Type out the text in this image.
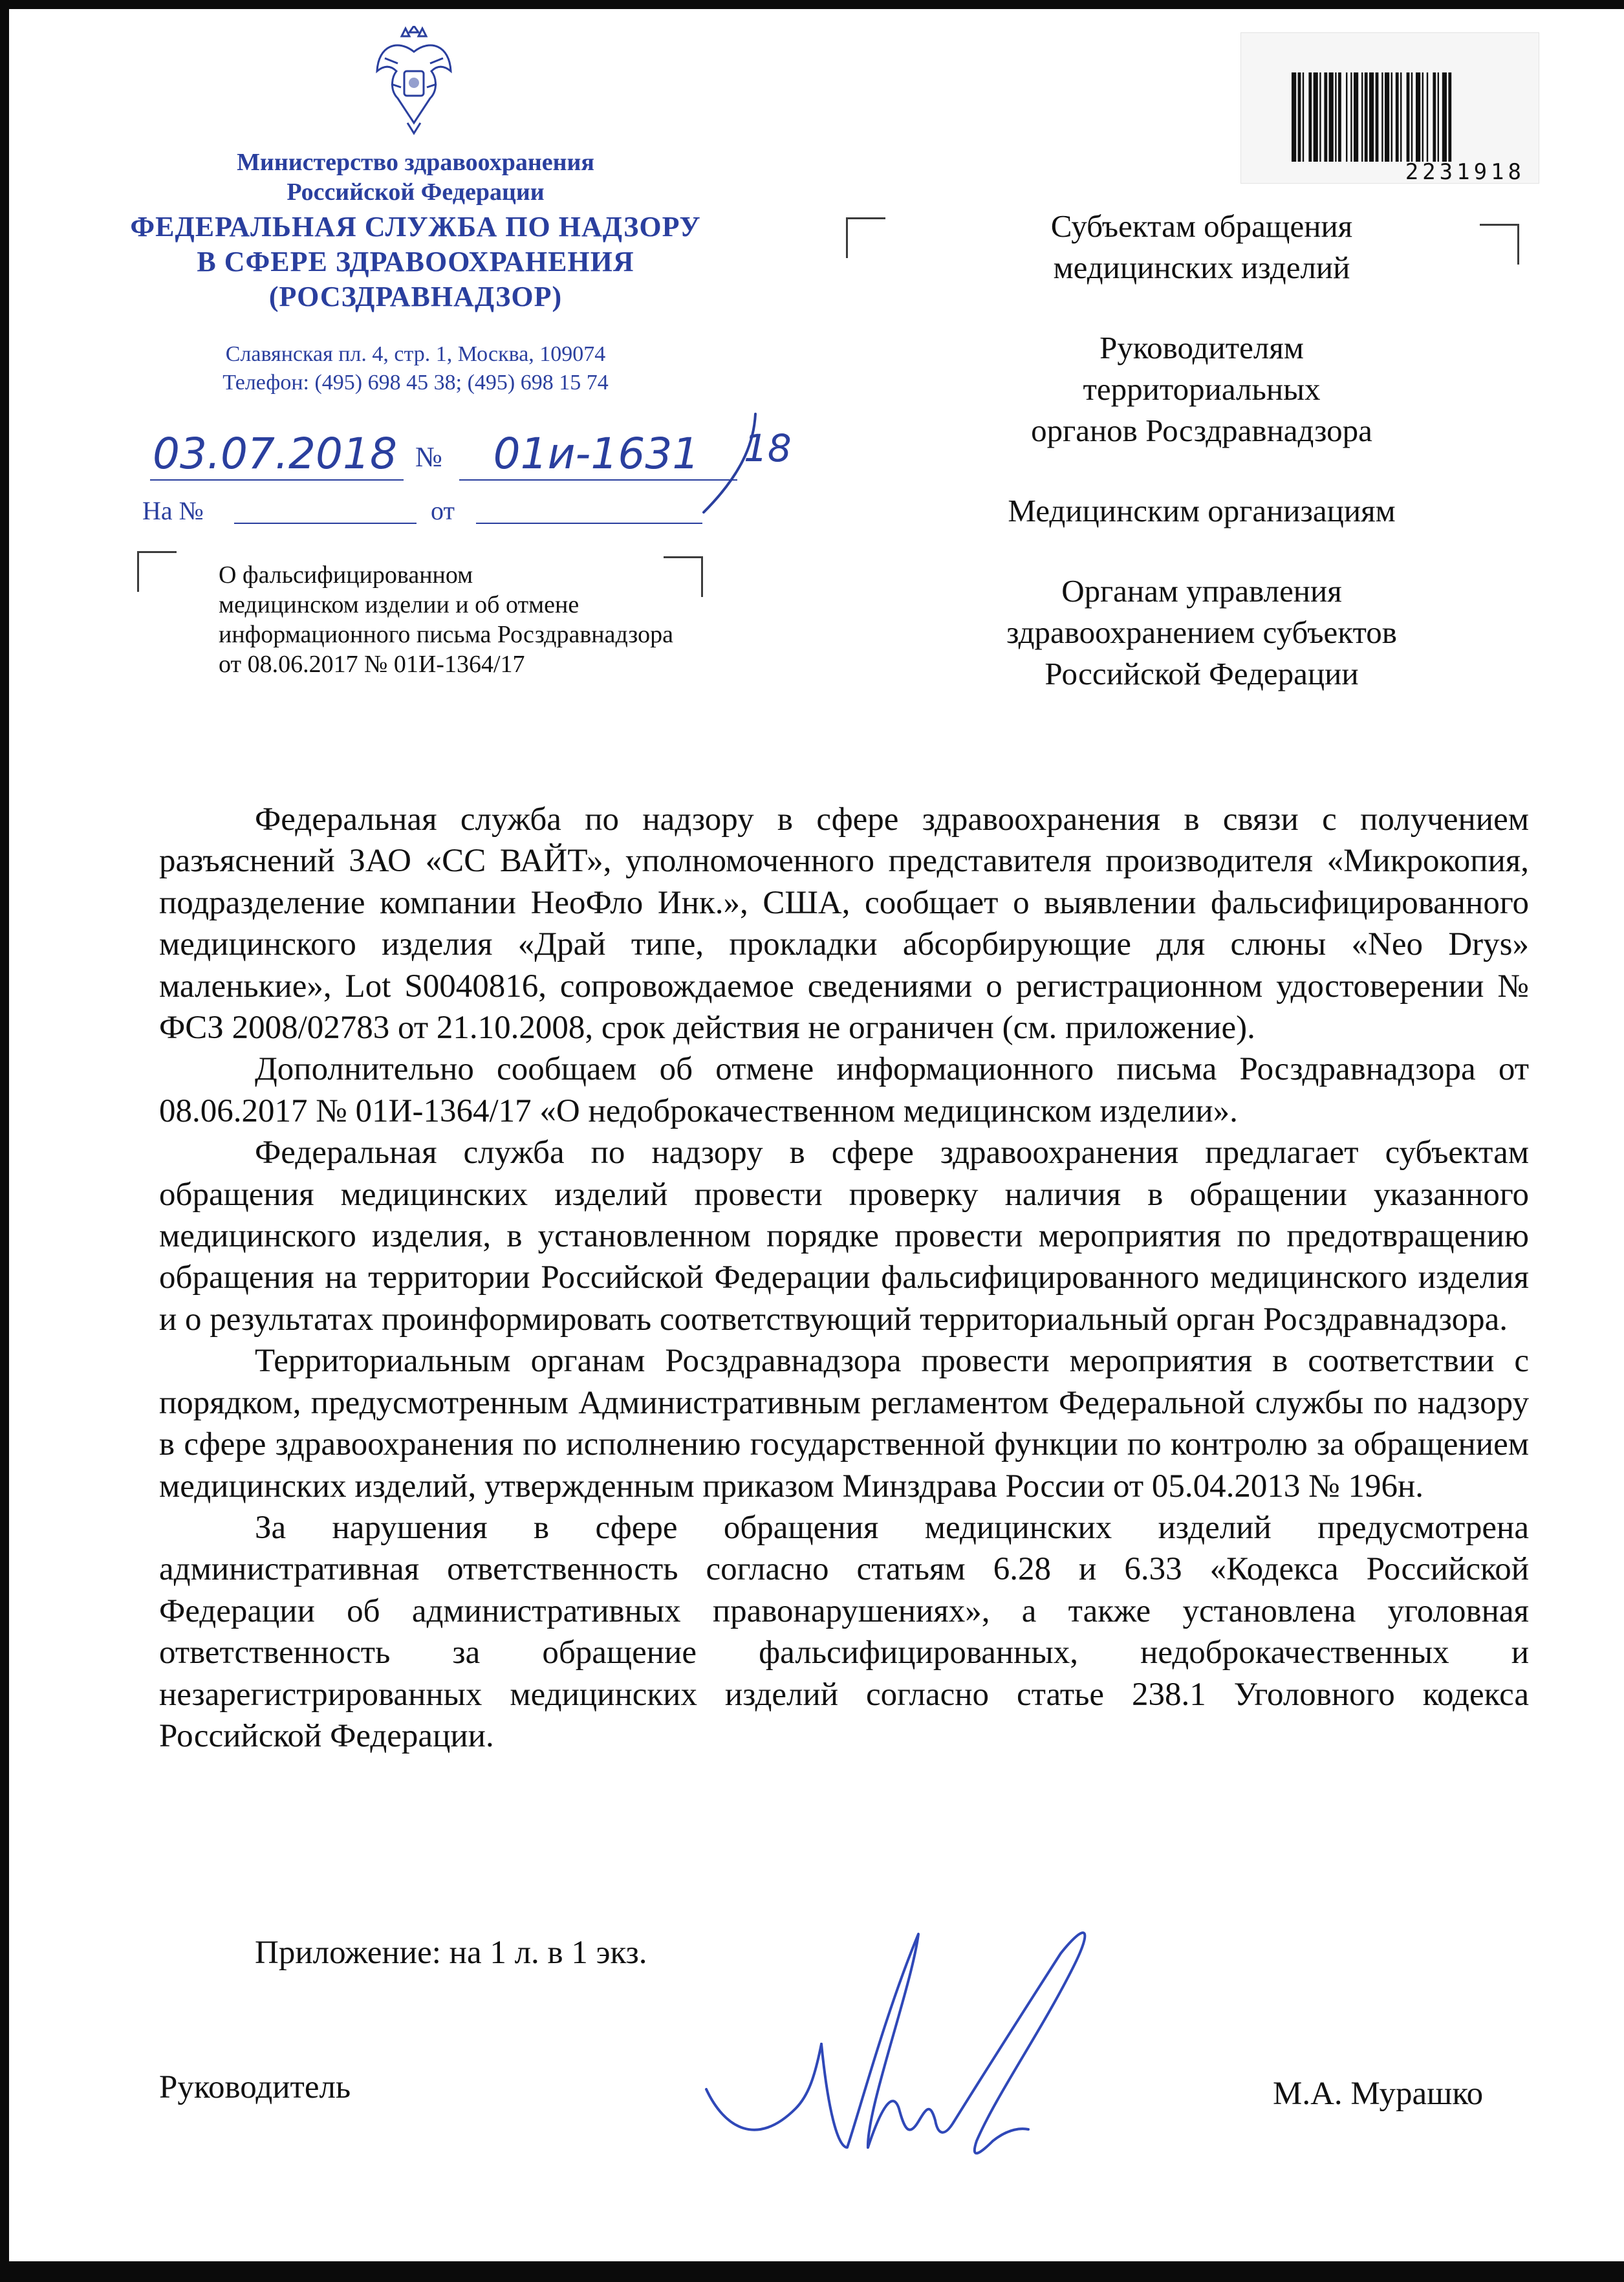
Министерство здравоохранения
Российской Федерации
ФЕДЕРАЛЬНАЯ СЛУЖБА ПО НАДЗОРУ
В СФЕРЕ ЗДРАВООХРАНЕНИЯ
(РОСЗДРАВНАДЗОР)
Славянская пл. 4, стр. 1, Москва, 109074
Телефон: (495) 698 45 38; (495) 698 15 74
2231918

Субъектам обращения
медицинских изделий

Руководителям
территориальных
органов Росздравнадзора

Медицинским организациям

Органам управления
здравоохранением субъектов
Российской Федерации

03.07.2018 №	01и-1631	18
На №	от
О фальсифицированном
медицинском изделии и об отмене
информационного письма Росздравнадзора
от 08.06.2017 № 01И-1364/17

Федеральная служба по надзору в сфере здравоохранения в связи с получением разъяснений ЗАО «СС ВАЙТ», уполномоченного представителя производителя «Микрокопия, подразделение компании НеоФло Инк.», США, сообщает о выявлении фальсифицированного медицинского изделия «Драй типе, прокладки абсорбирующие для слюны «Neo Drys» маленькие», Lot S0040816, сопровождаемое сведениями о регистрационном удостоверении № ФСЗ 2008/02783 от 21.10.2008, срок действия не ограничен (см. приложение).

Дополнительно сообщаем об отмене информационного письма Росздравнадзора от 08.06.2017 № 01И-1364/17 «О недоброкачественном медицинском изделии».

Федеральная служба по надзору в сфере здравоохранения предлагает субъектам обращения медицинских изделий провести проверку наличия в обращении указанного медицинского изделия, в установленном порядке провести мероприятия по предотвращению обращения на территории Российской Федерации фальсифицированного медицинского изделия и о результатах проинформировать соответствующий территориальный орган Росздравнадзора.

Территориальным органам Росздравнадзора провести мероприятия в соответствии с порядком, предусмотренным Административным регламентом Федеральной службы по надзору в сфере здравоохранения по исполнению государственной функции по контролю за обращением медицинских изделий, утвержденным приказом Минздрава России от 05.04.2013 № 196н.

За нарушения в сфере обращения медицинских изделий предусмотрена административная ответственность согласно статьям 6.28 и 6.33 «Кодекса Российской Федерации об административных правонарушениях», а также установлена уголовная ответственность за обращение фальсифицированных, недоброкачественных и незарегистрированных медицинских изделий согласно статье 238.1 Уголовного кодекса Российской Федерации.

Приложение: на 1 л. в 1 экз.
Руководитель	М.А. Мурашко
